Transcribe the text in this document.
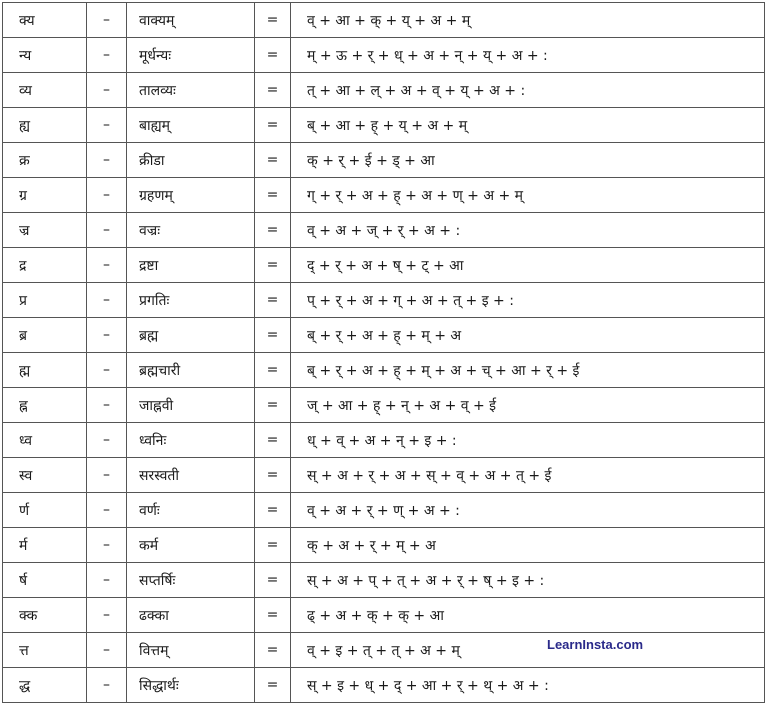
क्य	–	वाक्यम्	=	व् + आ + क् + य् + अ + म्
न्य	–	मूर्धन्यः	=	म् + ऊ + र् + ध् + अ + न् + य् + अ + :
व्य	–	तालव्यः	=	त् + आ + ल् + अ + व् + य् + अ + :
ह्य	–	बाह्यम्	=	ब् + आ + ह् + य् + अ + म्
क्र	–	क्रीडा	=	क् + र् + ई + ड् + आ
ग्र	–	ग्रहणम्	=	ग् + र् + अ + ह् + अ + ण् + अ + म्
ज्र	–	वज्रः	=	व् + अ + ज् + र् + अ + :
द्र	–	द्रष्टा	=	द् + र् + अ + ष् + ट् + आ
प्र	–	प्रगतिः	=	प् + र् + अ + ग् + अ + त् + इ + :
ब्र	–	ब्रह्म	=	ब् + र् + अ + ह् + म् + अ
ह्म	–	ब्रह्मचारी	=	ब् + र् + अ + ह् + म् + अ + च् + आ + र् + ई
ह्न	–	जाह्नवी	=	ज् + आ + ह् + न् + अ + व् + ई
ध्व	–	ध्वनिः	=	ध् + व् + अ + न् + इ + :
स्व	–	सरस्वती	=	स् + अ + र् + अ + स् + व् + अ + त् + ई
र्ण	–	वर्णः	=	व् + अ + र् + ण् + अ + :
र्म	–	कर्म	=	क् + अ + र् + म् + अ
र्ष	–	सप्तर्षिः	=	स् + अ + प् + त् + अ + र् + ष् + इ + :
क्क	–	ढक्का	=	ढ् + अ + क् + क् + आ
त्त	–	वित्तम्	=	व् + इ + त् + त् + अ + म्
द्ध	–	सिद्धार्थः	=	स् + इ + ध् + द् + आ + र् + थ् + अ + :
LearnInsta.com
